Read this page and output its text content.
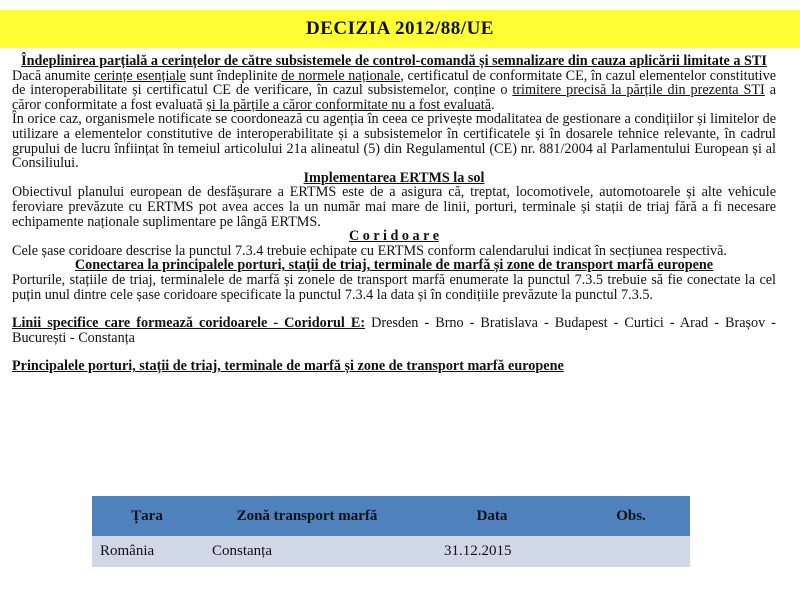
DECIZIA 2012/88/UE

Îndeplinirea parțială a cerințelor de către subsistemele de control-comandă și semnalizare din cauza aplicării limitate a STI

Dacă anumite cerințe esențiale sunt îndeplinite de normele naționale, certificatul de conformitate CE, în cazul elementelor constitutive de interoperabilitate și certificatul CE de verificare, în cazul subsistemelor, conține o trimitere precisă la părțile din prezenta STI a căror conformitate a fost evaluată și la părțile a căror conformitate nu a fost evaluată.

În orice caz, organismele notificate se coordonează cu agenția în ceea ce privește modalitatea de gestionare a condițiilor și limitelor de utilizare a elementelor constitutive de interoperabilitate și a subsistemelor în certificatele și în dosarele tehnice relevante, în cadrul grupului de lucru înființat în temeiul articolului 21a alineatul (5) din Regulamentul (CE) nr. 881/2004 al Parlamentului European și al Consiliului.

Implementarea ERTMS la sol

Obiectivul planului european de desfășurare a ERTMS este de a asigura că, treptat, locomotivele, automotoarele și alte vehicule feroviare prevăzute cu ERTMS pot avea acces la un număr mai mare de linii, porturi, terminale și stații de triaj fără a fi necesare echipamente naționale suplimentare pe lângă ERTMS.

C o r i d o a r e

Cele șase coridoare descrise la punctul 7.3.4 trebuie echipate cu ERTMS conform calendarului indicat în secțiunea respectivă.

Conectarea la principalele porturi, stații de triaj, terminale de marfă și zone de transport marfă europene

Porturile, stațiile de triaj, terminalele de marfă și zonele de transport marfă enumerate la punctul 7.3.5 trebuie să fie conectate la cel puțin unul dintre cele șase coridoare specificate la punctul 7.3.4 la data și în condițiile prevăzute la punctul 7.3.5.

Linii specifice care formează coridoarele - Coridorul E: Dresden - Brno - Bratislava - Budapest - Curtici - Arad - Brașov - București - Constanța

Principalele porturi, stații de triaj, terminale de marfă și zone de transport marfă europene

Țara	Zonă transport marfă	Data	Obs.
România	Constanța	31.12.2015	
